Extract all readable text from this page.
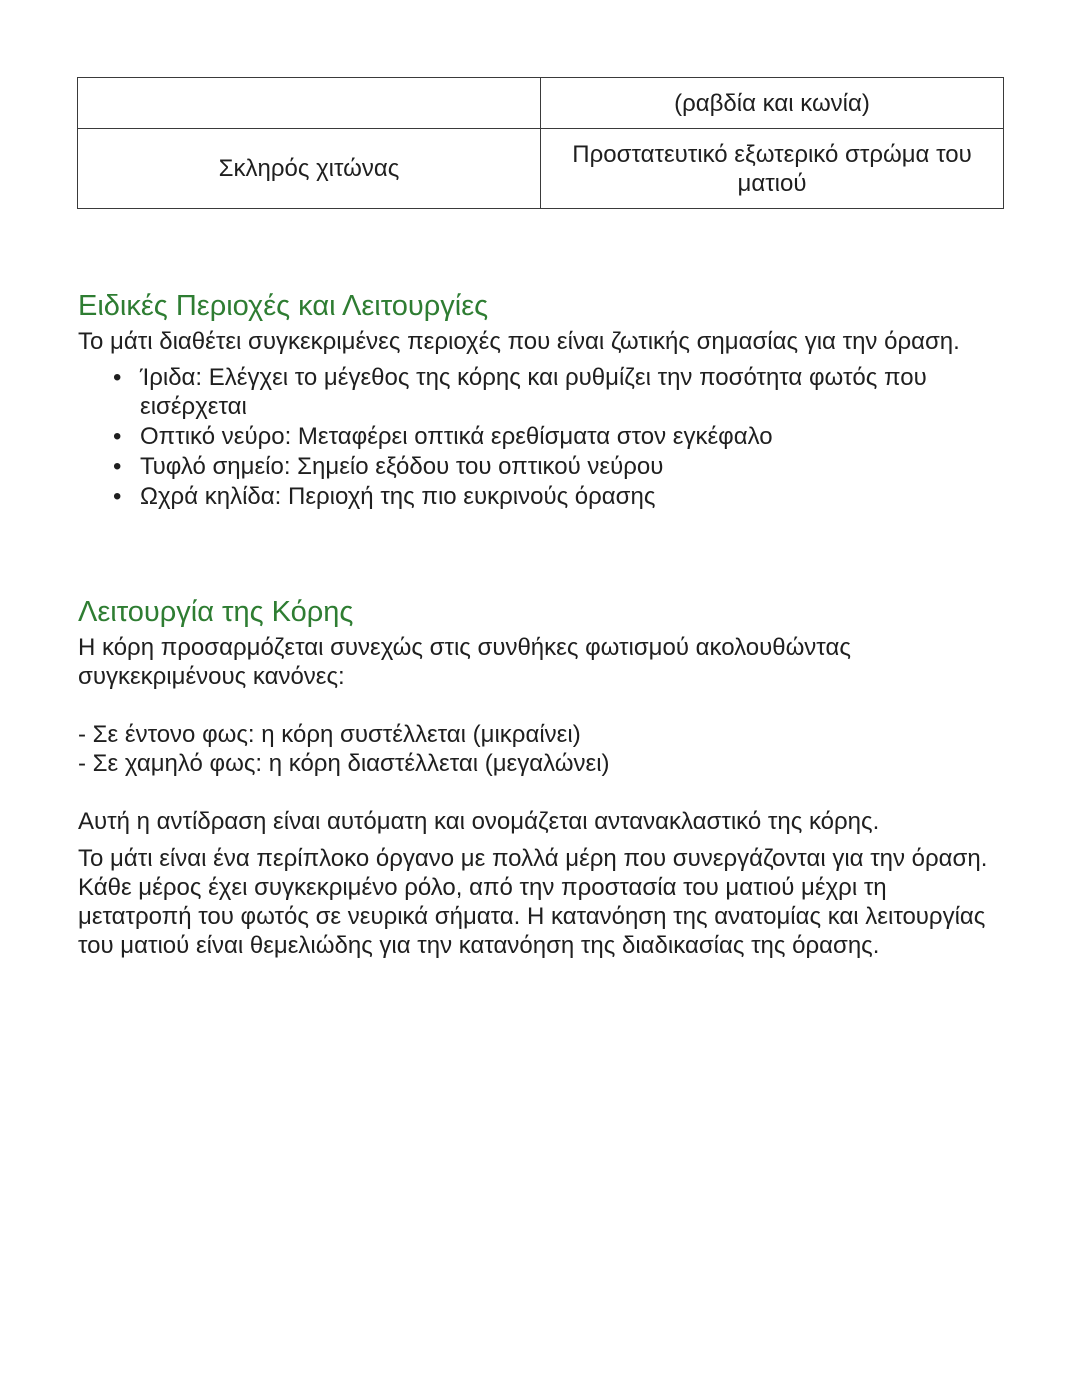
	(ραβδία και κωνία)
Σκληρός χιτώνας	Προστατευτικό εξωτερικό στρώμα του ματιού
Ειδικές Περιοχές και Λειτουργίες

Το μάτι διαθέτει συγκεκριμένες περιοχές που είναι ζωτικής σημασίας για την όραση.

• Ίριδα: Ελέγχει το μέγεθος της κόρης και ρυθμίζει την ποσότητα φωτός που εισέρχεται
• Οπτικό νεύρο: Μεταφέρει οπτικά ερεθίσματα στον εγκέφαλο
• Τυφλό σημείο: Σημείο εξόδου του οπτικού νεύρου
• Ωχρά κηλίδα: Περιοχή της πιο ευκρινούς όρασης
Λειτουργία της Κόρης

Η κόρη προσαρμόζεται συνεχώς στις συνθήκες φωτισμού ακολουθώντας συγκεκριμένους κανόνες:

- Σε έντονο φως: η κόρη συστέλλεται (μικραίνει)

- Σε χαμηλό φως: η κόρη διαστέλλεται (μεγαλώνει)

Αυτή η αντίδραση είναι αυτόματη και ονομάζεται αντανακλαστικό της κόρης.

Το μάτι είναι ένα περίπλοκο όργανο με πολλά μέρη που συνεργάζονται για την όραση. Κάθε μέρος έχει συγκεκριμένο ρόλο, από την προστασία του ματιού μέχρι τη μετατροπή του φωτός σε νευρικά σήματα. Η κατανόηση της ανατομίας και λειτουργίας του ματιού είναι θεμελιώδης για την κατανόηση της διαδικασίας της όρασης.
